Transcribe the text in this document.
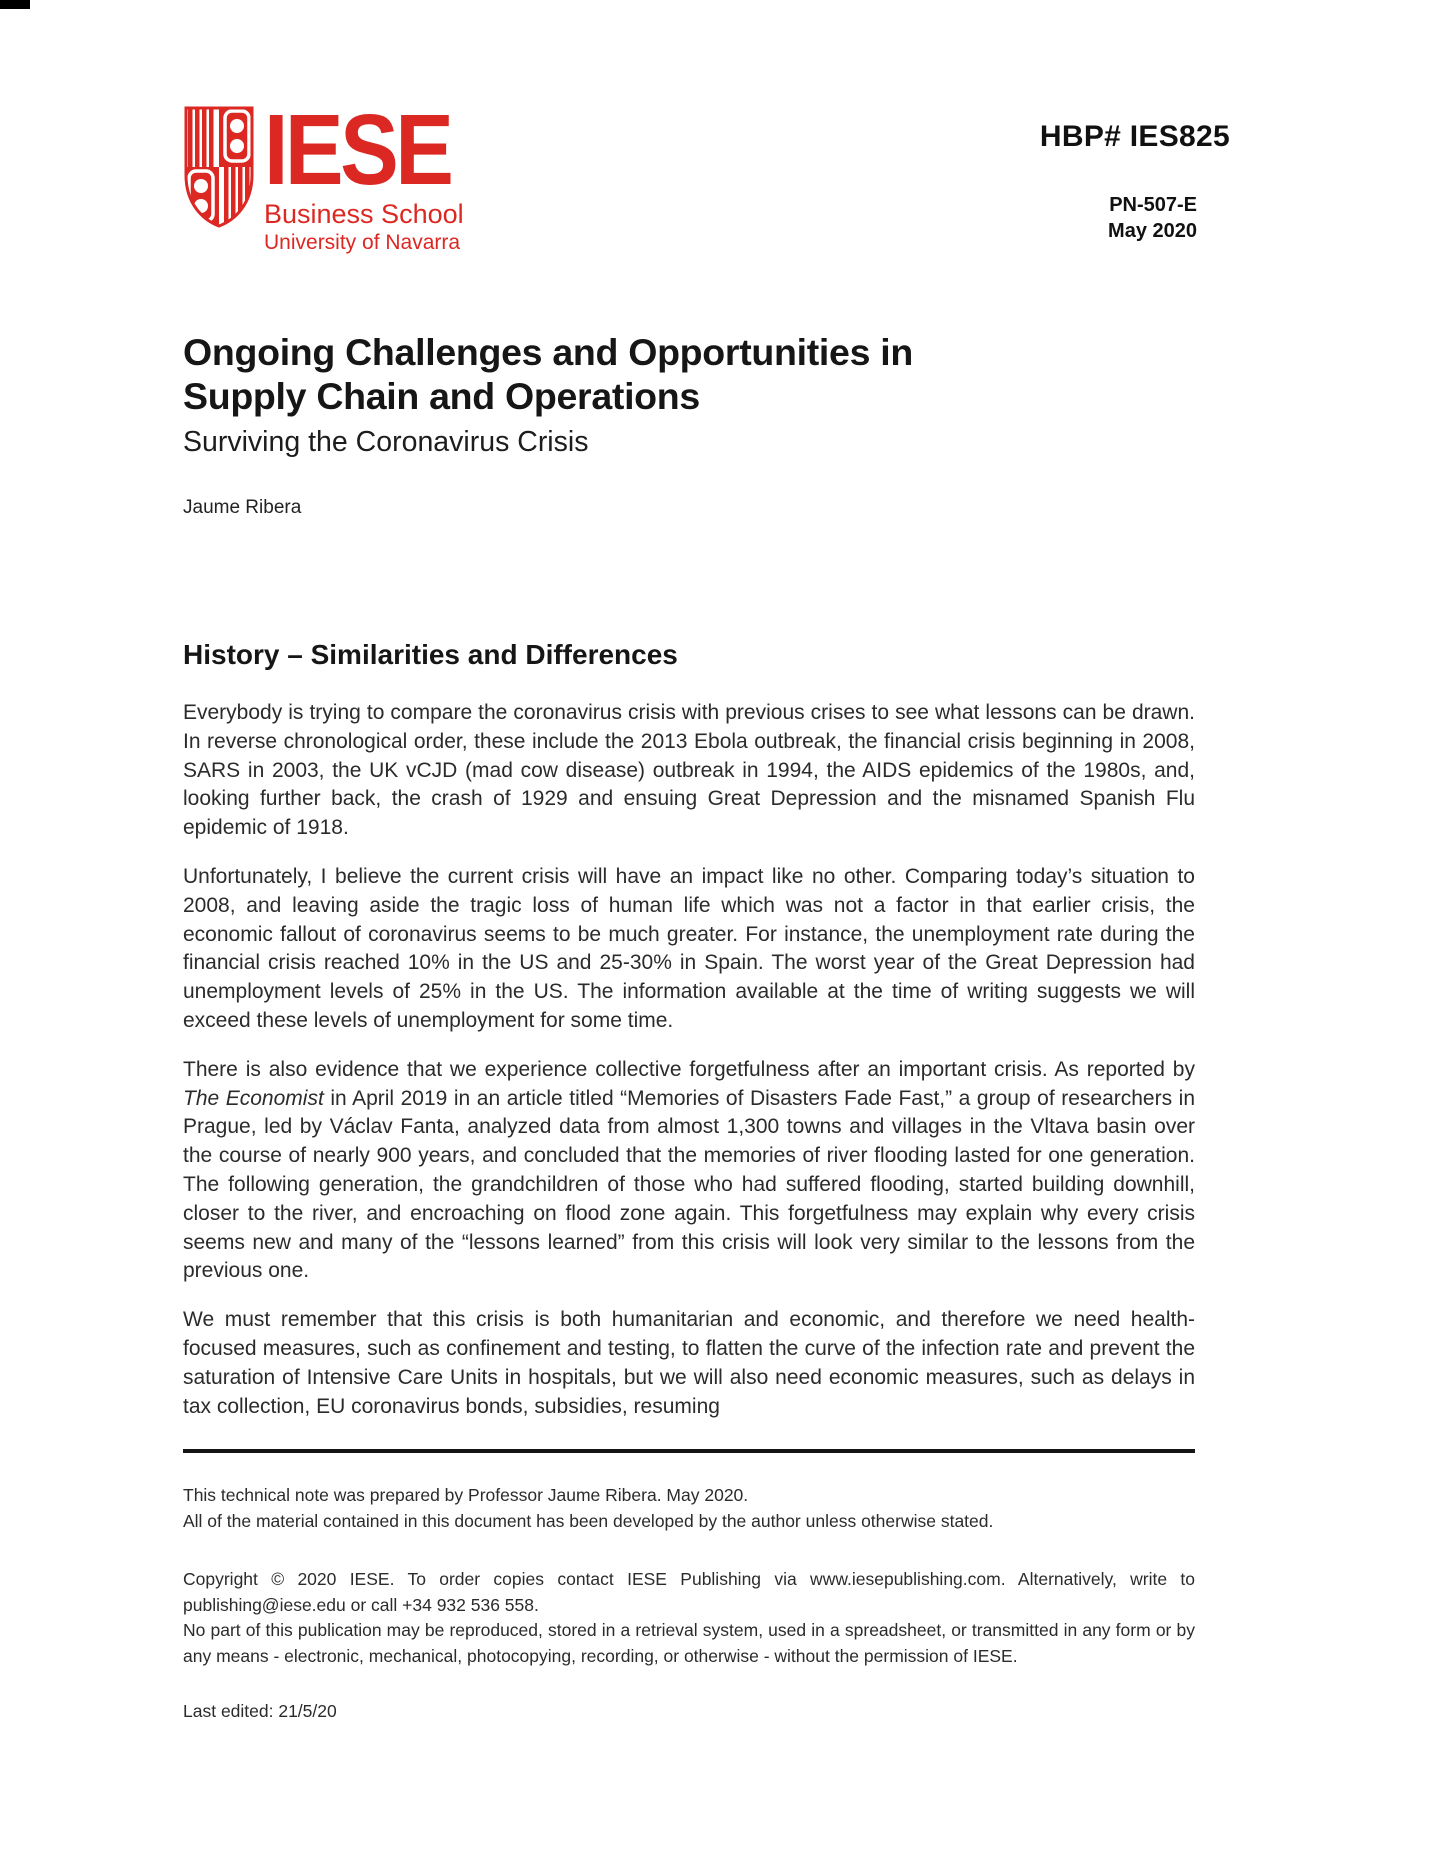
IESE
Business School
University of Navarra
HBP# IES825
PN-507-E
May 2020
Ongoing Challenges and Opportunities in Supply Chain and Operations
Surviving the Coronavirus Crisis
Jaume Ribera
History – Similarities and Differences

Everybody is trying to compare the coronavirus crisis with previous crises to see what lessons can be drawn. In reverse chronological order, these include the 2013 Ebola outbreak, the financial crisis beginning in 2008, SARS in 2003, the UK vCJD (mad cow disease) outbreak in 1994, the AIDS epidemics of the 1980s, and, looking further back, the crash of 1929 and ensuing Great Depression and the misnamed Spanish Flu epidemic of 1918.

Unfortunately, I believe the current crisis will have an impact like no other. Comparing today’s situation to 2008, and leaving aside the tragic loss of human life which was not a factor in that earlier crisis, the economic fallout of coronavirus seems to be much greater. For instance, the unemployment rate during the financial crisis reached 10% in the US and 25-30% in Spain. The worst year of the Great Depression had unemployment levels of 25% in the US. The information available at the time of writing suggests we will exceed these levels of unemployment for some time.

There is also evidence that we experience collective forgetfulness after an important crisis. As reported by The Economist in April 2019 in an article titled “Memories of Disasters Fade Fast,” a group of researchers in Prague, led by Václav Fanta, analyzed data from almost 1,300 towns and villages in the Vltava basin over the course of nearly 900 years, and concluded that the memories of river flooding lasted for one generation. The following generation, the grandchildren of those who had suffered flooding, started building downhill, closer to the river, and encroaching on flood zone again. This forgetfulness may explain why every crisis seems new and many of the “lessons learned” from this crisis will look very similar to the lessons from the previous one.

We must remember that this crisis is both humanitarian and economic, and therefore we need health-focused measures, such as confinement and testing, to flatten the curve of the infection rate and prevent the saturation of Intensive Care Units in hospitals, but we will also need economic measures, such as delays in tax collection, EU coronavirus bonds, subsidies, resuming

This technical note was prepared by Professor Jaume Ribera. May 2020.

All of the material contained in this document has been developed by the author unless otherwise stated.

Copyright © 2020 IESE. To order copies contact IESE Publishing via www.iesepublishing.com. Alternatively, write to publishing@iese.edu or call +34 932 536 558.

No part of this publication may be reproduced, stored in a retrieval system, used in a spreadsheet, or transmitted in any form or by any means - electronic, mechanical, photocopying, recording, or otherwise - without the permission of IESE.

Last edited: 21/5/20
